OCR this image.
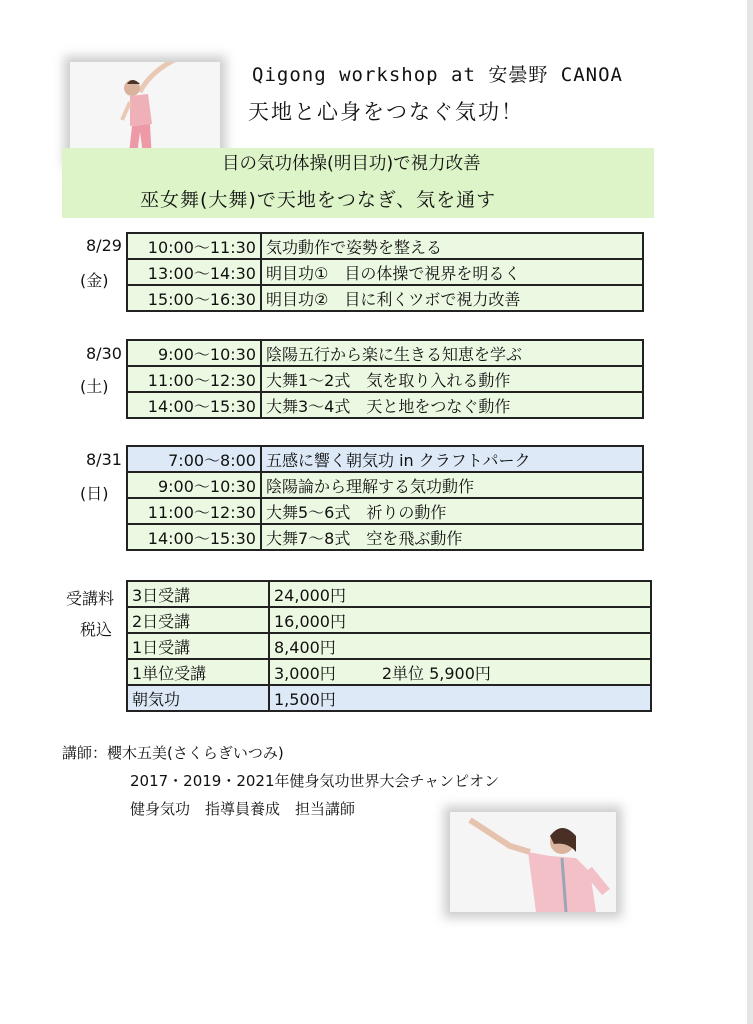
Qigong workshop at 安曇野 CANOA
天地と心身をつなぐ気功！
目の気功体操(明目功)で視力改善
巫女舞(大舞)で天地をつなぎ、気を通す
8/29
(金)
10:00～11:30	気功動作で姿勢を整える
13:00～14:30	明目功①　目の体操で視界を明るく
15:00～16:30	明目功②　目に利くツボで視力改善
8/30
(土)
9:00～10:30	陰陽五行から楽に生きる知恵を学ぶ
11:00～12:30	大舞1～2式　気を取り入れる動作
14:00～15:30	大舞3～4式　天と地をつなぐ動作
8/31
(日)
7:00～8:00	五感に響く朝気功 in クラフトパーク
9:00～10:30	陰陽論から理解する気功動作
11:00～12:30	大舞5～6式　祈りの動作
14:00～15:30	大舞7～8式　空を飛ぶ動作
受講料
税込
3日受講	24,000円
2日受講	16,000円
1日受講	8,400円
1単位受講	3,000円 2単位 5,900円
朝気功	1,500円
講師：櫻木五美(さくらぎいつみ)
2017・2019・2021年健身気功世界大会チャンピオン
健身気功　指導員養成　担当講師
